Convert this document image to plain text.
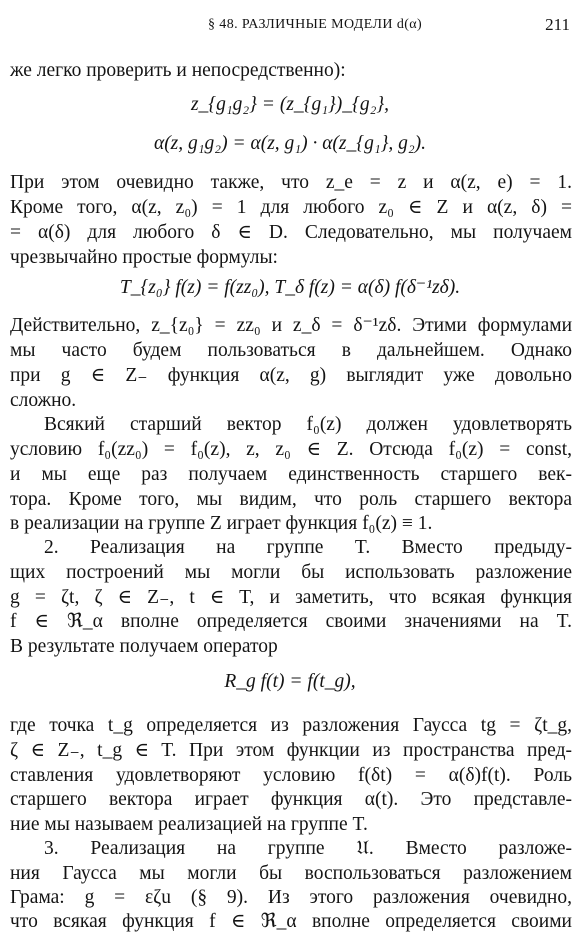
§ 48. РАЗЛИЧНЫЕ МОДЕЛИ d(α)	211
же легко проверить и непосредственно):
z_{g₁g₂} = (z_{g₁})_{g₂},
α(z, g₁g₂) = α(z, g₁) · α(z_{g₁}, g₂).
При этом очевидно также, что z_e = z и α(z, e) = 1.
Кроме того, α(z, z₀) = 1 для любого z₀ ∈ Z и α(z, δ) =
= α(δ) для любого δ ∈ D. Следовательно, мы получаем
чрезвычайно простые формулы:
T_{z₀} f(z) = f(zz₀), T_δ f(z) = α(δ) f(δ⁻¹zδ).
Действительно, z_{z₀} = zz₀ и z_δ = δ⁻¹zδ. Этими формулами
мы часто будем пользоваться в дальнейшем. Однако
при g ∈ Z₋ функция α(z, g) выглядит уже довольно
сложно.
Всякий старший вектор f₀(z) должен удовлетворять
условию f₀(zz₀) = f₀(z), z, z₀ ∈ Z. Отсюда f₀(z) = const,
и мы еще раз получаем единственность старшего век-
тора. Кроме того, мы видим, что роль старшего вектора
в реализации на группе Z играет функция f₀(z) ≡ 1.
2. Реализация на группе T. Вместо предыду-
щих построений мы могли бы использовать разложение
g = ζt, ζ ∈ Z₋, t ∈ T, и заметить, что всякая функция
f ∈ ℜ_α вполне определяется своими значениями на T.
В результате получаем оператор
R_g f(t) = f(t_g),
где точка t_g определяется из разложения Гаусса tg = ζt_g,
ζ ∈ Z₋, t_g ∈ T. При этом функции из пространства пред-
ставления удовлетворяют условию f(δt) = α(δ)f(t). Роль
старшего вектора играет функция α(t). Это представле-
ние мы называем реализацией на группе T.
3. Реализация на группе 𝔘. Вместо разложе-
ния Гаусса мы могли бы воспользоваться разложением
Грама: g = εζu (§ 9). Из этого разложения очевидно,
что всякая функция f ∈ ℜ_α вполне определяется своими
